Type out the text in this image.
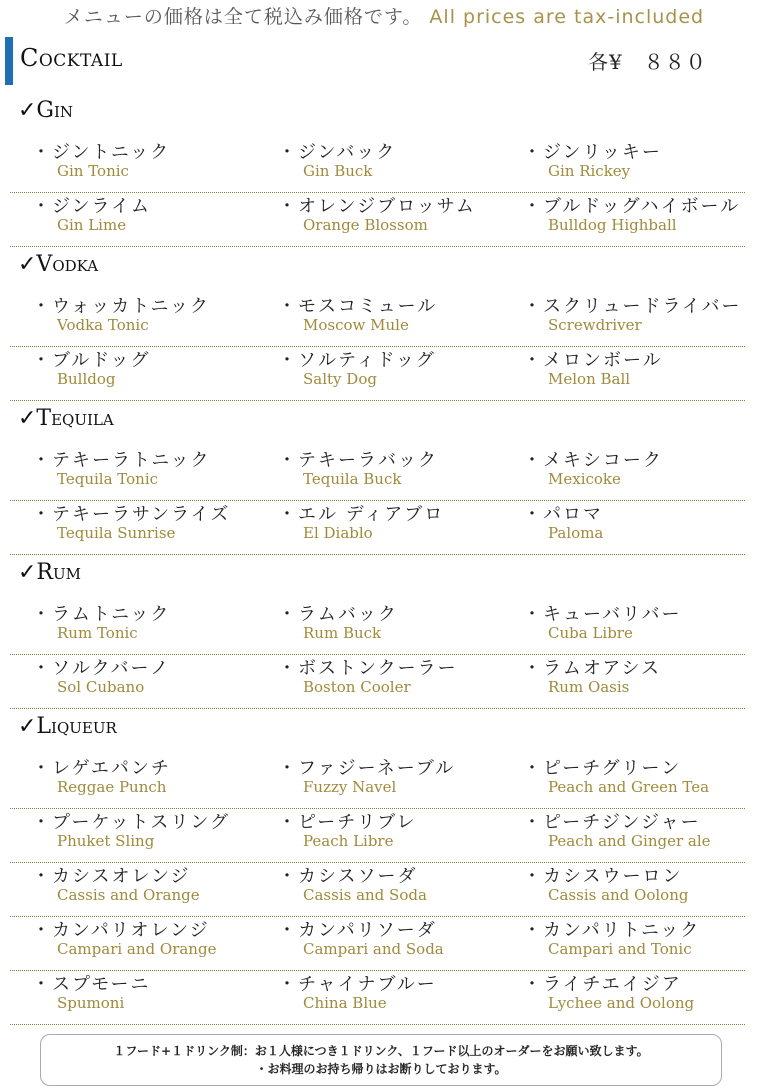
メニューの価格は全て税込み価格です。 All prices are tax-included
Cocktail	各¥　８８０
✓Gin
・ジントニック
Gin Tonic
・ジンバック
Gin Buck
・ジンリッキー
Gin Rickey
・ジンライム
Gin Lime
・オレンジブロッサム
Orange Blossom
・ブルドッグハイボール
Bulldog Highball
✓Vodka
・ウォッカトニック
Vodka Tonic
・モスコミュール
Moscow Mule
・スクリュードライバー
Screwdriver
・ブルドッグ
Bulldog
・ソルティドッグ
Salty Dog
・メロンボール
Melon Ball
✓Tequila
・テキーラトニック
Tequila Tonic
・テキーラバック
Tequila Buck
・メキシコーク
Mexicoke
・テキーラサンライズ
Tequila Sunrise
・エル ディアブロ
El Diablo
・パロマ
Paloma
✓Rum
・ラムトニック
Rum Tonic
・ラムバック
Rum Buck
・キューバリバー
Cuba Libre
・ソルクバーノ
Sol Cubano
・ボストンクーラー
Boston Cooler
・ラムオアシス
Rum Oasis
✓Liqueur
・レゲエパンチ
Reggae Punch
・ファジーネーブル
Fuzzy Navel
・ピーチグリーン
Peach and Green Tea
・プーケットスリング
Phuket Sling
・ピーチリブレ
Peach Libre
・ピーチジンジャー
Peach and Ginger ale
・カシスオレンジ
Cassis and Orange
・カシスソーダ
Cassis and Soda
・カシスウーロン
Cassis and Oolong
・カンパリオレンジ
Campari and Orange
・カンパリソーダ
Campari and Soda
・カンパリトニック
Campari and Tonic
・スプモーニ
Spumoni
・チャイナブルー
China Blue
・ライチエイジア
Lychee and Oolong
１フード+１ドリンク制：お１人様につき１ドリンク、１フード以上のオーダーをお願い致します。
・お料理のお持ち帰りはお断りしております。
